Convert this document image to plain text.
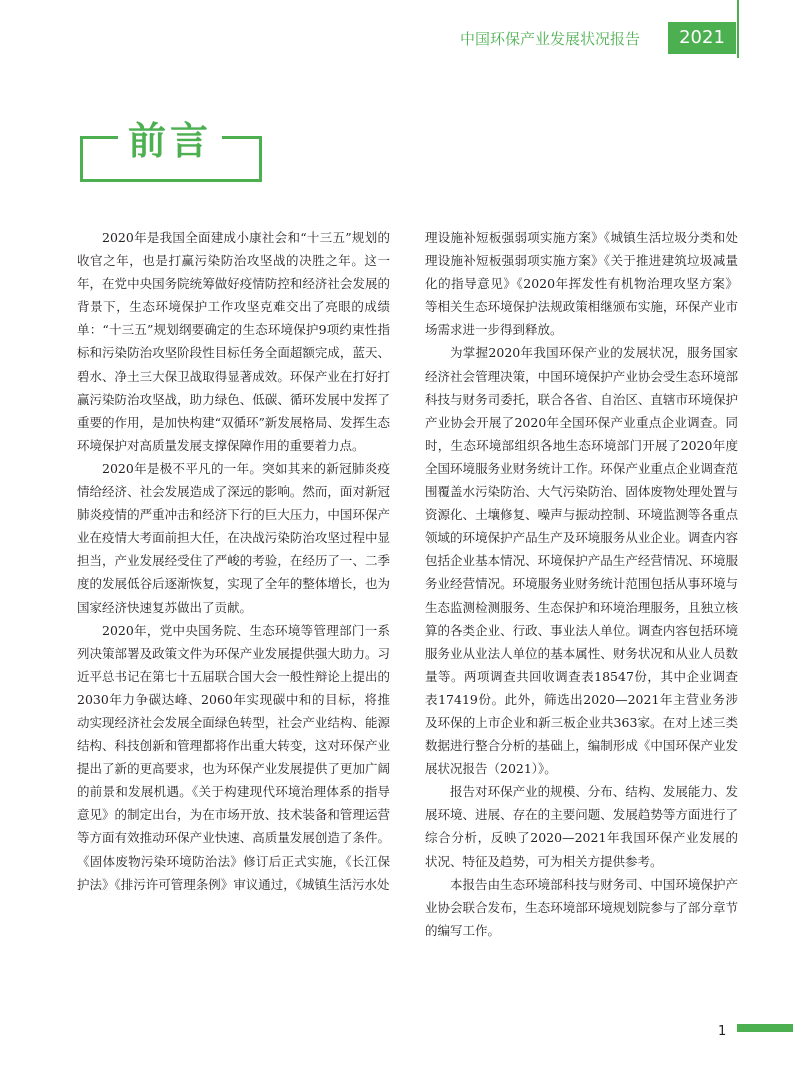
中国环保产业发展状况报告	2021
前言

2020年是我国全面建成小康社会和“十三五”规划的收官之年，也是打赢污染防治攻坚战的决胜之年。这一年，在党中央国务院统筹做好疫情防控和经济社会发展的背景下，生态环境保护工作攻坚克难交出了亮眼的成绩单：“十三五”规划纲要确定的生态环境保护9项约束性指标和污染防治攻坚阶段性目标任务全面超额完成，蓝天、碧水、净土三大保卫战取得显著成效。环保产业在打好打赢污染防治攻坚战，助力绿色、低碳、循环发展中发挥了重要的作用，是加快构建“双循环”新发展格局、发挥生态环境保护对高质量发展支撑保障作用的重要着力点。

2020年是极不平凡的一年。突如其来的新冠肺炎疫情给经济、社会发展造成了深远的影响。然而，面对新冠肺炎疫情的严重冲击和经济下行的巨大压力，中国环保产业在疫情大考面前担大任，在决战污染防治攻坚过程中显担当，产业发展经受住了严峻的考验，在经历了一、二季度的发展低谷后逐渐恢复，实现了全年的整体增长，也为国家经济快速复苏做出了贡献。

2020年，党中央国务院、生态环境等管理部门一系列决策部署及政策文件为环保产业发展提供强大助力。习近平总书记在第七十五届联合国大会一般性辩论上提出的2030年力争碳达峰、2060年实现碳中和的目标，将推动实现经济社会发展全面绿色转型，社会产业结构、能源结构、科技创新和管理都将作出重大转变，这对环保产业提出了新的更高要求，也为环保产业发展提供了更加广阔的前景和发展机遇。《关于构建现代环境治理体系的指导意见》的制定出台，为在市场开放、技术装备和管理运营等方面有效推动环保产业快速、高质量发展创造了条件。《固体废物污染环境防治法》修订后正式实施，《长江保护法》《排污许可管理条例》审议通过，《城镇生活污水处

理设施补短板强弱项实施方案》《城镇生活垃圾分类和处理设施补短板强弱项实施方案》《关于推进建筑垃圾减量化的指导意见》《2020年挥发性有机物治理攻坚方案》等相关生态环境保护法规政策相继颁布实施，环保产业市场需求进一步得到释放。

为掌握2020年我国环保产业的发展状况，服务国家经济社会管理决策，中国环境保护产业协会受生态环境部科技与财务司委托，联合各省、自治区、直辖市环境保护产业协会开展了2020年全国环保产业重点企业调查。同时，生态环境部组织各地生态环境部门开展了2020年度全国环境服务业财务统计工作。环保产业重点企业调查范围覆盖水污染防治、大气污染防治、固体废物处理处置与资源化、土壤修复、噪声与振动控制、环境监测等各重点领域的环境保护产品生产及环境服务从业企业。调查内容包括企业基本情况、环境保护产品生产经营情况、环境服务业经营情况。环境服务业财务统计范围包括从事环境与生态监测检测服务、生态保护和环境治理服务，且独立核算的各类企业、行政、事业法人单位。调查内容包括环境服务业从业法人单位的基本属性、财务状况和从业人员数量等。两项调查共回收调查表18547份，其中企业调查表17419份。此外，筛选出2020—2021年主营业务涉及环保的上市企业和新三板企业共363家。在对上述三类数据进行整合分析的基础上，编制形成《中国环保产业发展状况报告（2021）》。

报告对环保产业的规模、分布、结构、发展能力、发展环境、进展、存在的主要问题、发展趋势等方面进行了综合分析，反映了2020—2021年我国环保产业发展的状况、特征及趋势，可为相关方提供参考。

本报告由生态环境部科技与财务司、中国环境保护产业协会联合发布，生态环境部环境规划院参与了部分章节的编写工作。

1
